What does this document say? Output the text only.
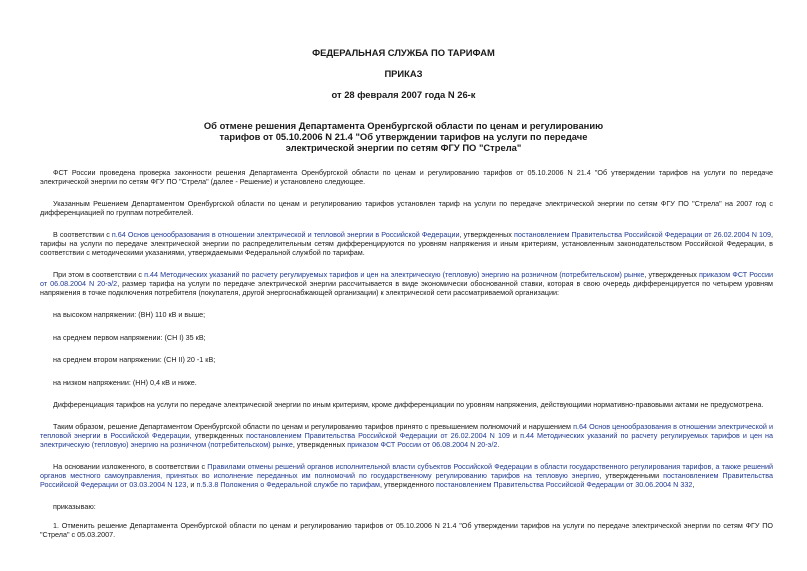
ФЕДЕРАЛЬНАЯ СЛУЖБА ПО ТАРИФАМ
ПРИКАЗ
от 28 февраля 2007 года N 26-к
Об отмене решения Департамента Оренбургской области по ценам и регулированию
тарифов от 05.10.2006 N 21.4 "Об утверждении тарифов на услуги по передаче
электрической энергии по сетям ФГУ ПО "Стрела"

ФСТ России проведена проверка законности решения Департамента Оренбургской области по ценам и регулированию тарифов от 05.10.2006 N 21.4 "Об утверждении тарифов на услуги по передаче электрической энергии по сетям ФГУ ПО "Стрела" (далее - Решение) и установлено следующее.

Указанным Решением Департаментом Оренбургской области по ценам и регулированию тарифов установлен тариф на услуги по передаче электрической энергии по сетям ФГУ ПО "Стрела" на 2007 год с дифференциацией по группам потребителей.

В соответствии с п.64 Основ ценообразования в отношении электрической и тепловой энергии в Российской Федерации, утвержденных постановлением Правительства Российской Федерации от 26.02.2004 N 109, тарифы на услуги по передаче электрической энергии по распределительным сетям дифференцируются по уровням напряжения и иным критериям, установленным законодательством Российской Федерации, в соответствии с методическими указаниями, утверждаемыми Федеральной службой по тарифам.

При этом в соответствии с п.44 Методических указаний по расчету регулируемых тарифов и цен на электрическую (тепловую) энергию на розничном (потребительском) рынке, утвержденных приказом ФСТ России от 06.08.2004 N 20-э/2, размер тарифа на услуги по передаче электрической энергии рассчитывается в виде экономически обоснованной ставки, которая в свою очередь дифференцируется по четырем уровням напряжения в точке подключения потребителя (покупателя, другой энергоснабжающей организации) к электрической сети рассматриваемой организации:

на высоком напряжении: (ВН) 110 кВ и выше;

на среднем первом напряжении: (СН I) 35 кВ;

на среднем втором напряжении: (СН II) 20 -1 кВ;

на низком напряжении: (НН) 0,4 кВ и ниже.

Дифференциация тарифов на услуги по передаче электрической энергии по иным критериям, кроме дифференциации по уровням напряжения, действующими нормативно-правовыми актами не предусмотрена.

Таким образом, решение Департаментом Оренбургской области по ценам и регулированию тарифов принято с превышением полномочий и нарушением п.64 Основ ценообразования в отношении электрической и тепловой энергии в Российской Федерации, утвержденных постановлением Правительства Российской Федерации от 26.02.2004 N 109 и п.44 Методических указаний по расчету регулируемых тарифов и цен на электрическую (тепловую) энергию на розничном (потребительском) рынке, утвержденных приказом ФСТ России от 06.08.2004 N 20-э/2.

На основании изложенного, в соответствии с Правилами отмены решений органов исполнительной власти субъектов Российской Федерации в области государственного регулирования тарифов, а также решений органов местного самоуправления, принятых во исполнение переданных им полномочий по государственному регулированию тарифов на тепловую энергию, утвержденными постановлением Правительства Российской Федерации от 03.03.2004 N 123, и п.5.3.8 Положения о Федеральной службе по тарифам, утвержденного постановлением Правительства Российской Федерации от 30.06.2004 N 332,

приказываю:

1. Отменить решение Департамента Оренбургской области по ценам и регулированию тарифов от 05.10.2006 N 21.4 "Об утверждении тарифов на услуги по передаче электрической энергии по сетям ФГУ ПО "Стрела" с 05.03.2007.
